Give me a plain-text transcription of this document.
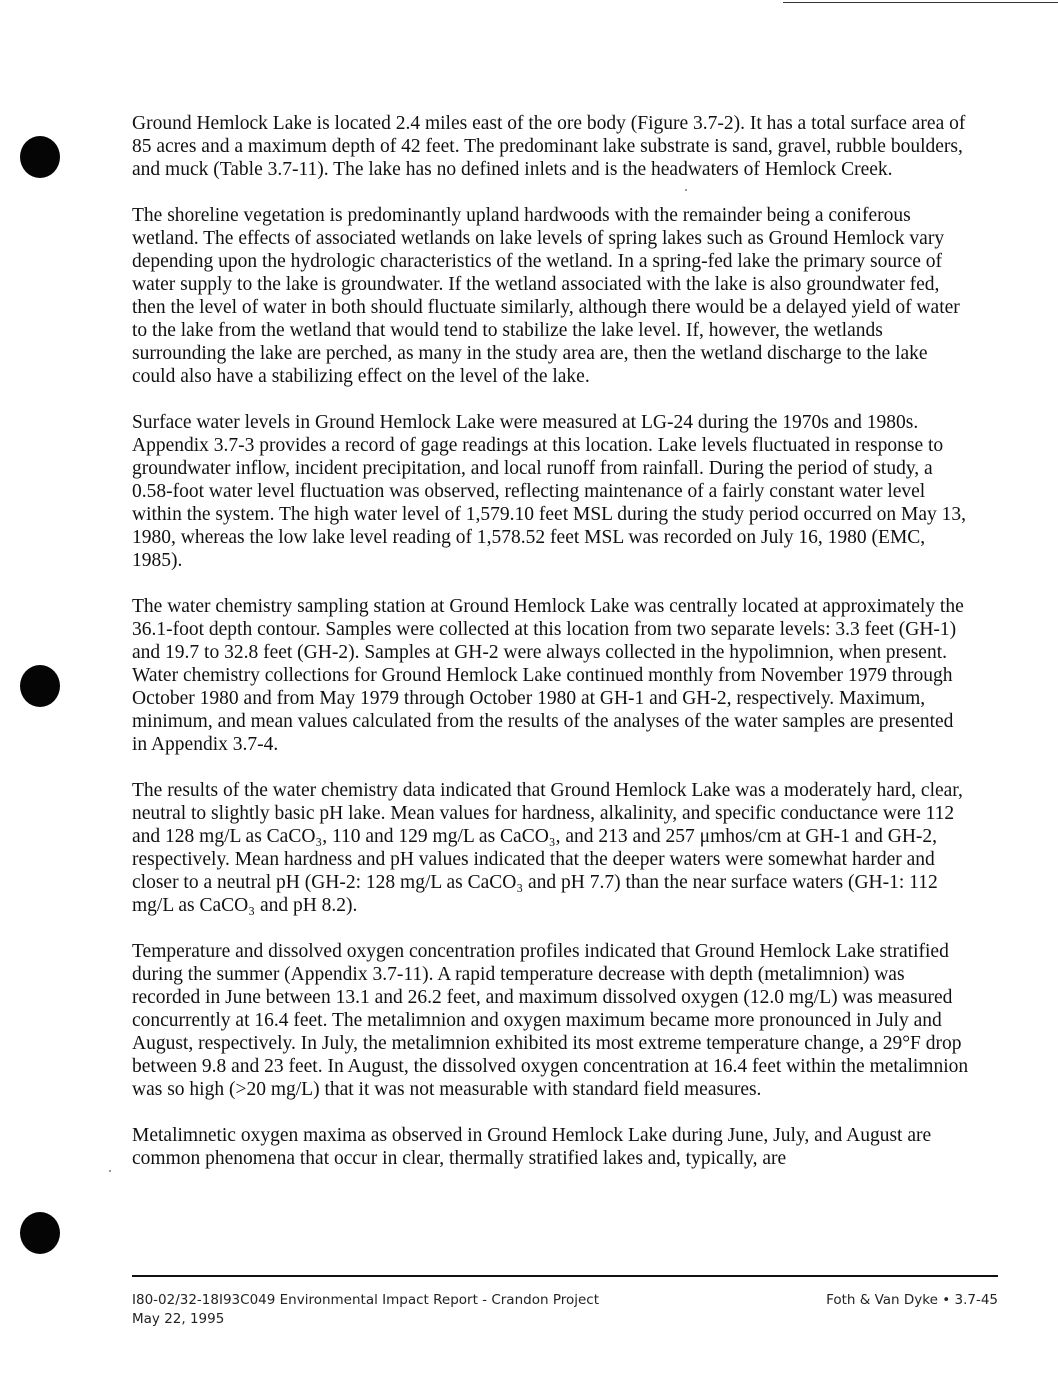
Ground Hemlock Lake is located 2.4 miles east of the ore body (Figure 3.7-2). It has a total surface area of 85 acres and a maximum depth of 42 feet. The predominant lake substrate is sand, gravel, rubble boulders, and muck (Table 3.7-11). The lake has no defined inlets and is the headwaters of Hemlock Creek.

The shoreline vegetation is predominantly upland hardwoods with the remainder being a coniferous wetland. The effects of associated wetlands on lake levels of spring lakes such as Ground Hemlock vary depending upon the hydrologic characteristics of the wetland. In a spring-fed lake the primary source of water supply to the lake is groundwater. If the wetland associated with the lake is also groundwater fed, then the level of water in both should fluctuate similarly, although there would be a delayed yield of water to the lake from the wetland that would tend to stabilize the lake level. If, however, the wetlands surrounding the lake are perched, as many in the study area are, then the wetland discharge to the lake could also have a stabilizing effect on the level of the lake.

Surface water levels in Ground Hemlock Lake were measured at LG-24 during the 1970s and 1980s. Appendix 3.7-3 provides a record of gage readings at this location. Lake levels fluctuated in response to groundwater inflow, incident precipitation, and local runoff from rainfall. During the period of study, a 0.58-foot water level fluctuation was observed, reflecting maintenance of a fairly constant water level within the system. The high water level of 1,579.10 feet MSL during the study period occurred on May 13, 1980, whereas the low lake level reading of 1,578.52 feet MSL was recorded on July 16, 1980 (EMC, 1985).

The water chemistry sampling station at Ground Hemlock Lake was centrally located at approximately the 36.1-foot depth contour. Samples were collected at this location from two separate levels: 3.3 feet (GH-1) and 19.7 to 32.8 feet (GH-2). Samples at GH-2 were always collected in the hypolimnion, when present. Water chemistry collections for Ground Hemlock Lake continued monthly from November 1979 through October 1980 and from May 1979 through October 1980 at GH-1 and GH-2, respectively. Maximum, minimum, and mean values calculated from the results of the analyses of the water samples are presented in Appendix 3.7-4.

The results of the water chemistry data indicated that Ground Hemlock Lake was a moderately hard, clear, neutral to slightly basic pH lake. Mean values for hardness, alkalinity, and specific conductance were 112 and 128 mg/L as CaCO₃, 110 and 129 mg/L as CaCO₃, and 213 and 257 μmhos/cm at GH-1 and GH-2, respectively. Mean hardness and pH values indicated that the deeper waters were somewhat harder and closer to a neutral pH (GH-2: 128 mg/L as CaCO₃ and pH 7.7) than the near surface waters (GH-1: 112 mg/L as CaCO₃ and pH 8.2).

Temperature and dissolved oxygen concentration profiles indicated that Ground Hemlock Lake stratified during the summer (Appendix 3.7-11). A rapid temperature decrease with depth (metalimnion) was recorded in June between 13.1 and 26.2 feet, and maximum dissolved oxygen (12.0 mg/L) was measured concurrently at 16.4 feet. The metalimnion and oxygen maximum became more pronounced in July and August, respectively. In July, the metalimnion exhibited its most extreme temperature change, a 29°F drop between 9.8 and 23 feet. In August, the dissolved oxygen concentration at 16.4 feet within the metalimnion was so high (>20 mg/L) that it was not measurable with standard field measures.

Metalimnetic oxygen maxima as observed in Ground Hemlock Lake during June, July, and August are common phenomena that occur in clear, thermally stratified lakes and, typically, are

I80-02/32-18I93C049 Environmental Impact Report - Crandon Project
May 22, 1995
Foth & Van Dyke • 3.7-45
